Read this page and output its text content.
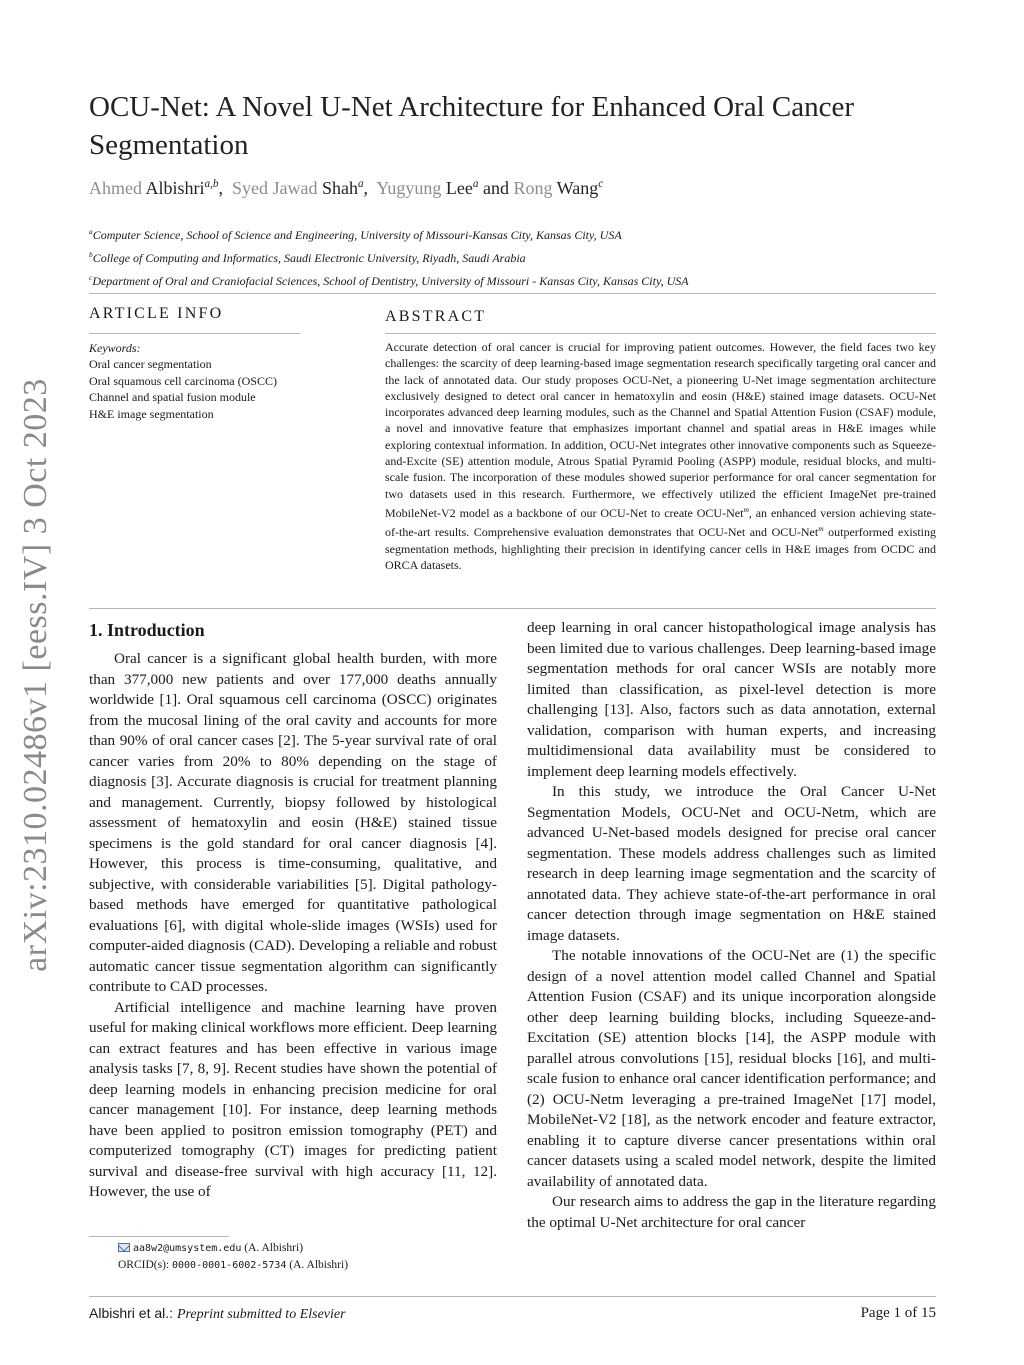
arXiv:2310.02486v1 [eess.IV] 3 Oct 2023
OCU-Net: A Novel U-Net Architecture for Enhanced Oral Cancer Segmentation
Ahmed Albishri$^{a,b}$, Syed Jawad Shah$^a$, Yugyung Lee$^a$ and Rong Wang$^c$
$^a$Computer Science, School of Science and Engineering, University of Missouri-Kansas City, Kansas City, USA
$^b$College of Computing and Informatics, Saudi Electronic University, Riyadh, Saudi Arabia
$^c$Department of Oral and Craniofacial Sciences, School of Dentistry, University of Missouri - Kansas City, Kansas City, USA
ARTICLE INFO
Keywords:
Oral cancer segmentation
Oral squamous cell carcinoma (OSCC)
Channel and spatial fusion module
H&E image segmentation
ABSTRACT
Accurate detection of oral cancer is crucial for improving patient outcomes. However, the field faces two key challenges: the scarcity of deep learning-based image segmentation research specifically targeting oral cancer and the lack of annotated data. Our study proposes OCU-Net, a pioneering U-Net image segmentation architecture exclusively designed to detect oral cancer in hematoxylin and eosin (H&E) stained image datasets. OCU-Net incorporates advanced deep learning modules, such as the Channel and Spatial Attention Fusion (CSAF) module, a novel and innovative feature that emphasizes important channel and spatial areas in H&E images while exploring contextual information. In addition, OCU-Net integrates other innovative components such as Squeeze-and-Excite (SE) attention module, Atrous Spatial Pyramid Pooling (ASPP) module, residual blocks, and multi-scale fusion. The incorporation of these modules showed superior performance for oral cancer segmentation for two datasets used in this research. Furthermore, we effectively utilized the efficient ImageNet pre-trained MobileNet-V2 model as a backbone of our OCU-Net to create OCU-Net$^m$, an enhanced version achieving state-of-the-art results. Comprehensive evaluation demonstrates that OCU-Net and OCU-Net$^m$ outperformed existing segmentation methods, highlighting their precision in identifying cancer cells in H&E images from OCDC and ORCA datasets.
1. Introduction

Oral cancer is a significant global health burden, with more than 377,000 new patients and over 177,000 deaths annually worldwide [1]. Oral squamous cell carcinoma (OSCC) originates from the mucosal lining of the oral cavity and accounts for more than 90% of oral cancer cases [2]. The 5-year survival rate of oral cancer varies from 20% to 80% depending on the stage of diagnosis [3]. Accurate diagnosis is crucial for treatment planning and management. Currently, biopsy followed by histological assessment of hematoxylin and eosin (H&E) stained tissue specimens is the gold standard for oral cancer diagnosis [4]. However, this process is time-consuming, qualitative, and subjective, with considerable variabilities [5]. Digital pathology-based methods have emerged for quantitative pathological evaluations [6], with digital whole-slide images (WSIs) used for computer-aided diagnosis (CAD). Developing a reliable and robust automatic cancer tissue segmentation algorithm can significantly contribute to CAD processes.

Artificial intelligence and machine learning have proven useful for making clinical workflows more efficient. Deep learning can extract features and has been effective in various image analysis tasks [7, 8, 9]. Recent studies have shown the potential of deep learning models in enhancing precision medicine for oral cancer management [10]. For instance, deep learning methods have been applied to positron emission tomography (PET) and computerized tomography (CT) images for predicting patient survival and disease-free survival with high accuracy [11, 12]. However, the use of

deep learning in oral cancer histopathological image analysis has been limited due to various challenges. Deep learning-based image segmentation methods for oral cancer WSIs are notably more limited than classification, as pixel-level detection is more challenging [13]. Also, factors such as data annotation, external validation, comparison with human experts, and increasing multidimensional data availability must be considered to implement deep learning models effectively.

In this study, we introduce the Oral Cancer U-Net Segmentation Models, OCU-Net and OCU-Netm, which are advanced U-Net-based models designed for precise oral cancer segmentation. These models address challenges such as limited research in deep learning image segmentation and the scarcity of annotated data. They achieve state-of-the-art performance in oral cancer detection through image segmentation on H&E stained image datasets.

The notable innovations of the OCU-Net are (1) the specific design of a novel attention model called Channel and Spatial Attention Fusion (CSAF) and its unique incorporation alongside other deep learning building blocks, including Squeeze-and-Excitation (SE) attention blocks [14], the ASPP module with parallel atrous convolutions [15], residual blocks [16], and multi-scale fusion to enhance oral cancer identification performance; and (2) OCU-Netm leveraging a pre-trained ImageNet [17] model, MobileNet-V2 [18], as the network encoder and feature extractor, enabling it to capture diverse cancer presentations within oral cancer datasets using a scaled model network, despite the limited availability of annotated data.

Our research aims to address the gap in the literature regarding the optimal U-Net architecture for oral cancer

aa8w2@umsystem.edu (A. Albishri)
ORCID(s): 0000-0001-6002-5734 (A. Albishri)
Albishri et al.: Preprint submitted to Elsevier	Page 1 of 15
